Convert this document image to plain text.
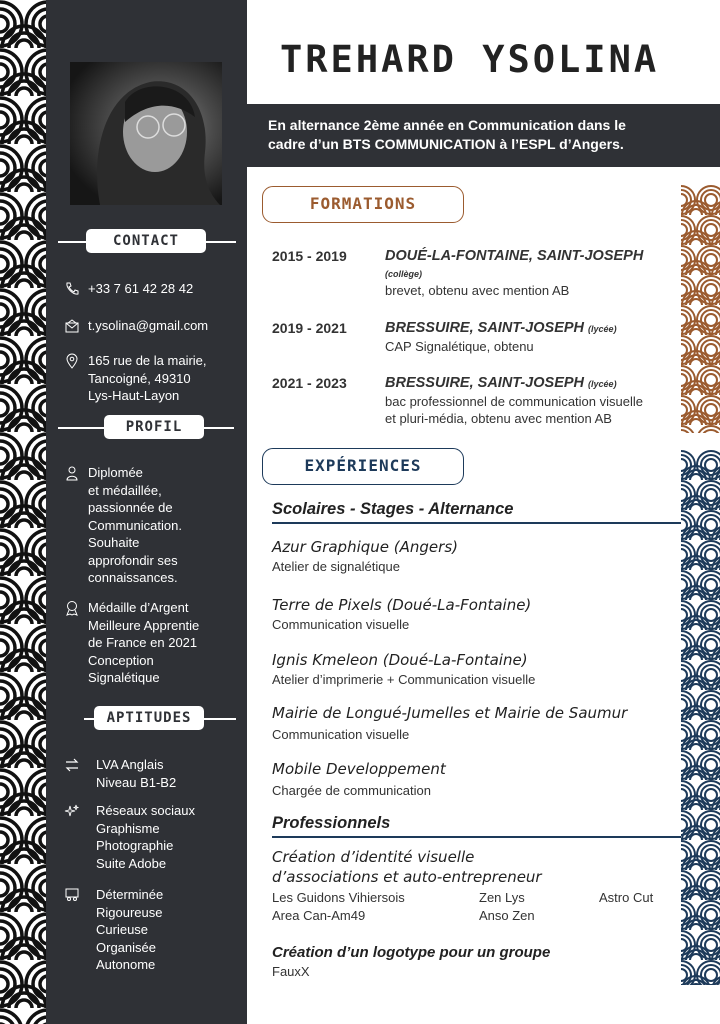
CONTACT
+33 7 61 42 28 42
t.ysolina@gmail.com
165 rue de la mairie,
Tancoigné, 49310
Lys-Haut-Layon
PROFIL
Diplomée
et médaillée,
passionnée de
Communication.
Souhaite
approfondir ses
connaissances.
Médaille d’Argent
Meilleure Apprentie
de France en 2021
Conception
Signalétique
APTITUDES
LVA Anglais
Niveau B1-B2
Réseaux sociaux
Graphisme
Photographie
Suite Adobe
Déterminée
Rigoureuse
Curieuse
Organisée
Autonome
TREHARD YSOLINA
En alternance 2ème année en Communication dans le
cadre d’un BTS COMMUNICATION à l’ESPL d’Angers.
FORMATIONS
2015 - 2019	DOUÉ-LA-FONTAINE, SAINT-JOSEPH
(collège)
brevet, obtenu avec mention AB
2019 - 2021	BRESSUIRE, SAINT-JOSEPH (lycée)
CAP Signalétique, obtenu
2021 - 2023	BRESSUIRE, SAINT-JOSEPH (lycée)
bac professionnel de communication visuelle
et pluri-média, obtenu avec mention AB
EXPÉRIENCES
Scolaires - Stages - Alternance
Azur Graphique (Angers)
Atelier de signalétique
Terre de Pixels (Doué-La-Fontaine)
Communication visuelle
Ignis Kmeleon (Doué-La-Fontaine)
Atelier d’imprimerie + Communication visuelle
Mairie de Longué-Jumelles et Mairie de Saumur
Communication visuelle
Mobile Developpement
Chargée de communication
Professionnels
Création d’identité visuelle
d’associations et auto-entrepreneur
Les Guidons Vihiersois	Zen Lys	Astro Cut
Area Can-Am49	Anso Zen
Création d’un logotype pour un groupe
FauxX
